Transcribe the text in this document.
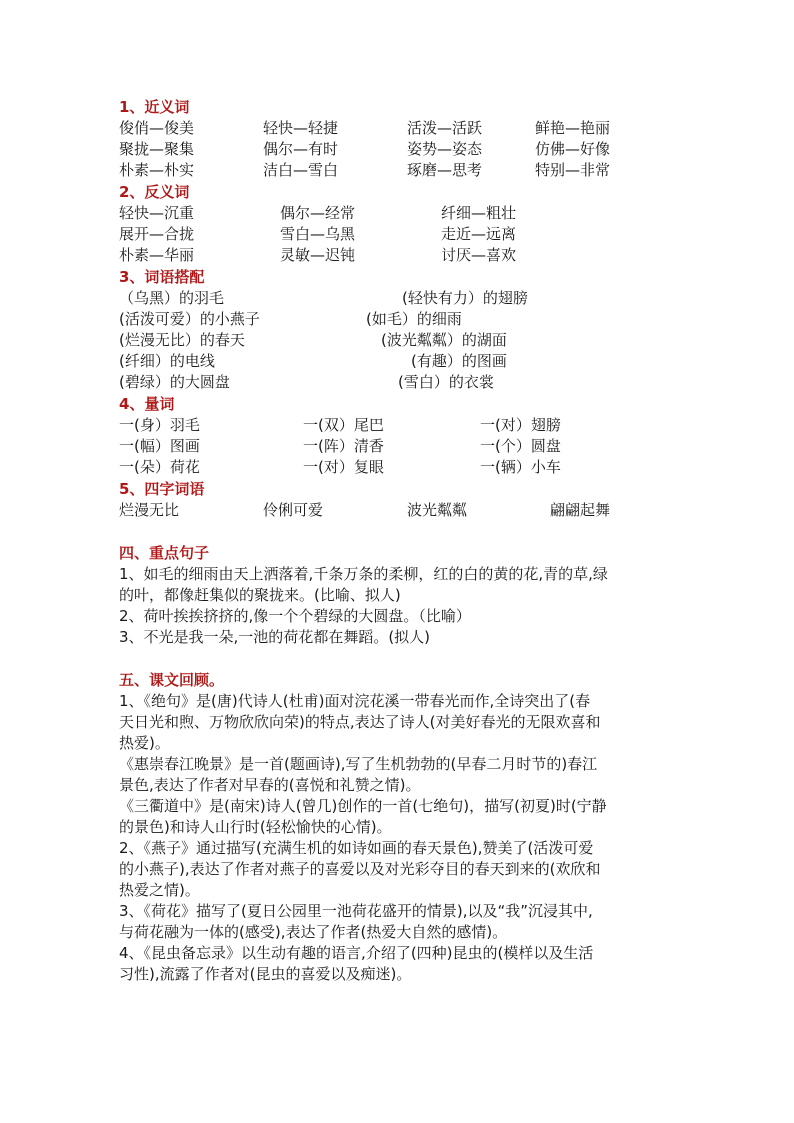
1、近义词
俊俏—俊美	轻快—轻捷	活泼—活跃	鲜艳—艳丽
聚拢—聚集	偶尔—有时	姿势—姿态	仿佛—好像
朴素—朴实	洁白—雪白	琢磨—思考	特别—非常
2、反义词
轻快—沉重	偶尔—经常	纤细—粗壮
展开—合拢	雪白—乌黑	走近—远离
朴素—华丽	灵敏—迟钝	讨厌—喜欢
3、词语搭配
（乌黑）的羽毛	(轻快有力）的翅膀
(活泼可爱）的小燕子	(如毛）的细雨
(烂漫无比）的春天	(波光粼粼）的湖面
(纤细）的电线	(有趣）的图画
(碧绿）的大圆盘	(雪白）的衣裳
4、量词
一(身）羽毛	一(双）尾巴	一(对）翅膀
一(幅）图画	一(阵）清香	一(个）圆盘
一(朵）荷花	一(对）复眼	一(辆）小车
5、四字词语
烂漫无比	伶俐可爱	波光粼粼	翩翩起舞
四、重点句子

1、如毛的细雨由天上洒落着,千条万条的柔柳，红的白的黄的花,青的草,绿

的叶，都像赶集似的聚拢来。(比喻、拟人)

2、荷叶挨挨挤挤的,像一个个碧绿的大圆盘。（比喻）

3、不光是我一朵,一池的荷花都在舞蹈。(拟人)

五、课文回顾。

1、《绝句》是(唐)代诗人(杜甫)面对浣花溪一带春光而作,全诗突出了(春

天日光和煦、万物欣欣向荣)的特点,表达了诗人(对美好春光的无限欢喜和

热爱)。

《惠崇春江晚景》是一首(题画诗),写了生机勃勃的(早春二月时节的)春江

景色,表达了作者对早春的(喜悦和礼赞之情)。

《三衢道中》是(南宋)诗人(曾几)创作的一首(七绝句)，描写(初夏)时(宁静

的景色)和诗人山行时(轻松愉快的心情)。

2、《燕子》通过描写(充满生机的如诗如画的春天景色),赞美了(活泼可爱

的小燕子),表达了作者对燕子的喜爱以及对光彩夺目的春天到来的(欢欣和

热爱之情)。

3、《荷花》描写了(夏日公园里一池荷花盛开的情景),以及“我”沉浸其中,

与荷花融为一体的(感受),表达了作者(热爱大自然的感情)。

4、《昆虫备忘录》以生动有趣的语言,介绍了(四种)昆虫的(模样以及生活

习性),流露了作者对(昆虫的喜爱以及痴迷)。
